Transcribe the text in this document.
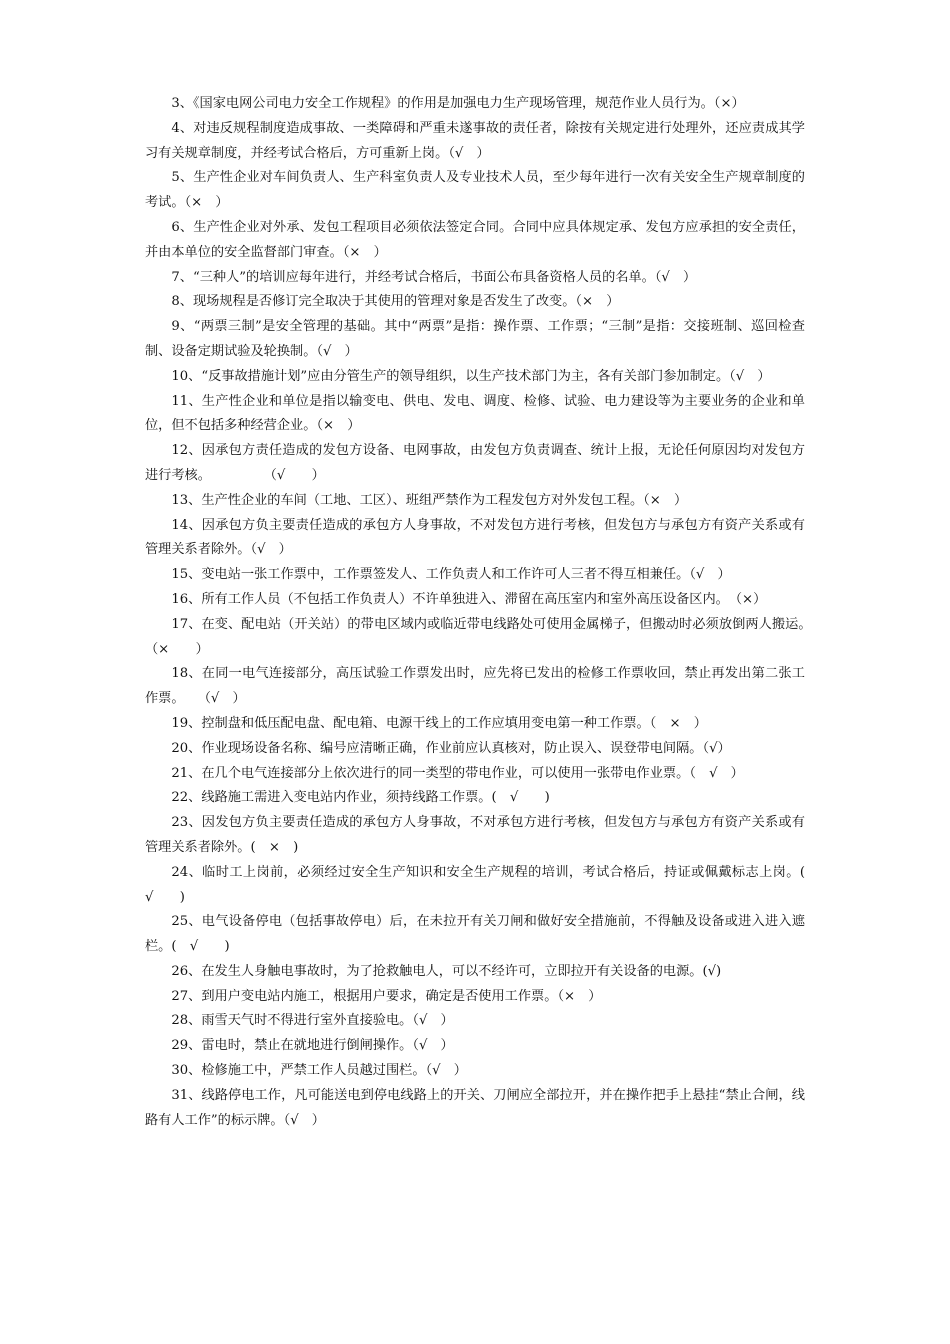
3、《国家电网公司电力安全工作规程》的作用是加强电力生产现场管理，规范作业人员行为。（×）

4、对违反规程制度造成事故、一类障碍和严重未遂事故的责任者，除按有关规定进行处理外，还应责成其学习有关规章制度，并经考试合格后，方可重新上岗。（√　）

5、生产性企业对车间负责人、生产科室负责人及专业技术人员，至少每年进行一次有关安全生产规章制度的考试。（×　）

6、生产性企业对外承、发包工程项目必须依法签定合同。合同中应具体规定承、发包方应承担的安全责任，并由本单位的安全监督部门审查。（×　）

7、“三种人”的培训应每年进行，并经考试合格后，书面公布具备资格人员的名单。（√　）

8、现场规程是否修订完全取决于其使用的管理对象是否发生了改变。（×　）

9、“两票三制”是安全管理的基础。其中“两票”是指：操作票、工作票；“三制”是指：交接班制、巡回检查制、设备定期试验及轮换制。（√　）

10、“反事故措施计划”应由分管生产的领导组织，以生产技术部门为主，各有关部门参加制定。（√　）

11、生产性企业和单位是指以输变电、供电、发电、调度、检修、试验、电力建设等为主要业务的企业和单位，但不包括多种经营企业。（×　）

12、因承包方责任造成的发包方设备、电网事故，由发包方负责调查、统计上报，无论任何原因均对发包方进行考核。　　　　　（√　　）

13、生产性企业的车间（工地、工区）、班组严禁作为工程发包方对外发包工程。（×　）

14、因承包方负主要责任造成的承包方人身事故，不对发包方进行考核，但发包方与承包方有资产关系或有管理关系者除外。（√　）

15、变电站一张工作票中，工作票签发人、工作负责人和工作许可人三者不得互相兼任。（√　）

16、所有工作人员（不包括工作负责人）不许单独进入、滞留在高压室内和室外高压设备区内。　（×）

17、在变、配电站（开关站）的带电区域内或临近带电线路处可使用金属梯子，但搬动时必须放倒两人搬运。　　（×　　）

18、在同一电气连接部分，高压试验工作票发出时，应先将已发出的检修工作票收回，禁止再发出第二张工作票。　　（√　）

19、控制盘和低压配电盘、配电箱、电源干线上的工作应填用变电第一种工作票。（　×　）

20、作业现场设备名称、编号应清晰正确，作业前应认真核对，防止误入、误登带电间隔。（√）

21、在几个电气连接部分上依次进行的同一类型的带电作业，可以使用一张带电作业票。（　√　）

22、线路施工需进入变电站内作业，须持线路工作票。(　√　　)

23、因发包方负主要责任造成的承包方人身事故，不对承包方进行考核，但发包方与承包方有资产关系或有管理关系者除外。(　×　)

24、临时工上岗前，必须经过安全生产知识和安全生产规程的培训，考试合格后，持证或佩戴标志上岗。(　√　　)

25、电气设备停电（包括事故停电）后，在未拉开有关刀闸和做好安全措施前，不得触及设备或进入进入遮栏。(　√　　)

26、在发生人身触电事故时，为了抢救触电人，可以不经许可，立即拉开有关设备的电源。(√)

27、到用户变电站内施工，根据用户要求，确定是否使用工作票。（×　）

28、雨雪天气时不得进行室外直接验电。（√　）

29、雷电时，禁止在就地进行倒闸操作。（√　）

30、检修施工中，严禁工作人员越过围栏。（√　）

31、线路停电工作，凡可能送电到停电线路上的开关、刀闸应全部拉开，并在操作把手上悬挂“禁止合闸，线路有人工作”的标示牌。（√　）
